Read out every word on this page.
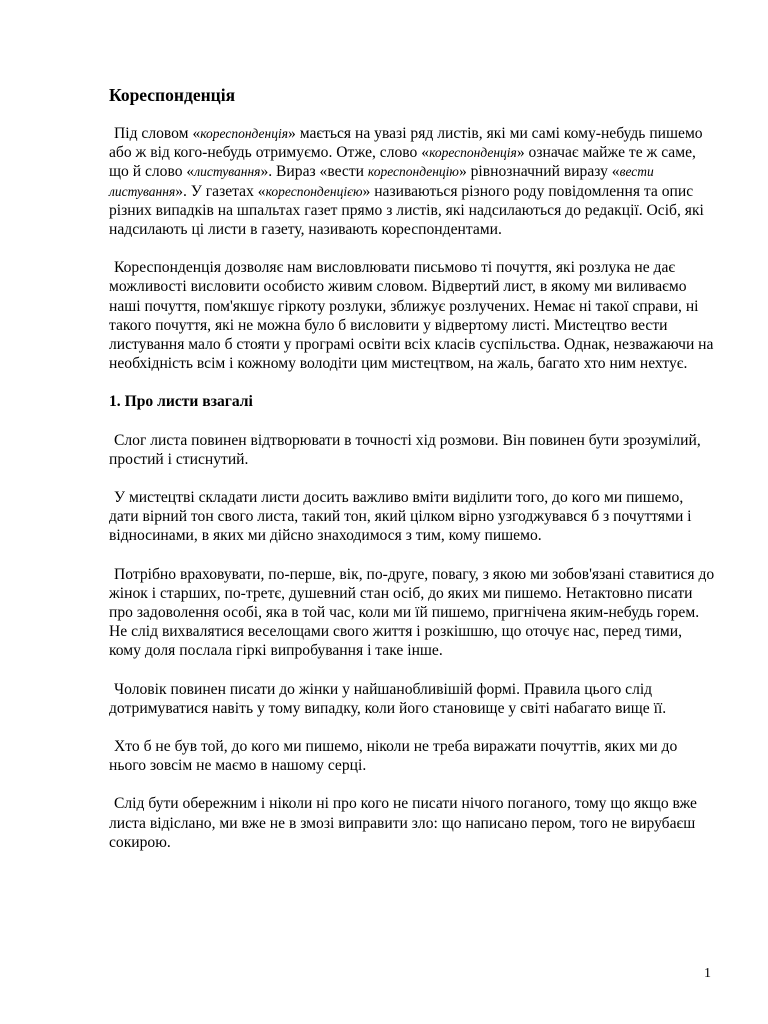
Кореспонденція

Під словом «кореспонденція» мається на увазі ряд листів, які ми самі кому-небудь пишемо або ж від кого-небудь отримуємо. Отже, слово «кореспонденція» означає майже те ж саме, що й слово «листування». Вираз «вести кореспонденцію» рівнозначний виразу «вести листування». У газетах «кореспонденцією» називаються різного роду повідомлення та опис різних випадків на шпальтах газет прямо з листів, які надсилаються до редакції. Осіб, які надсилають ці листи в газету, називають кореспондентами.

Кореспонденція дозволяє нам висловлювати письмово ті почуття, які розлука не дає можливості висловити особисто живим словом. Відвертий лист, в якому ми виливаємо наші почуття, пом'якшує гіркоту розлуки, зближує розлучених. Немає ні такої справи, ні такого почуття, які не можна було б висловити у відвертому листі. Мистецтво вести листування мало б стояти у програмі освіти всіх класів суспільства. Однак, незважаючи на необхідність всім і кожному володіти цим мистецтвом, на жаль, багато хто ним нехтує.

1. Про листи взагалі

Слог листа повинен відтворювати в точності хід розмови. Він повинен бути зрозумілий, простий і стиснутий.

У мистецтві складати листи досить важливо вміти виділити того, до кого ми пишемо, дати вірний тон свого листа, такий тон, який цілком вірно узгоджувався б з почуттями і відносинами, в яких ми дійсно знаходимося з тим, кому пишемо.

Потрібно враховувати, по-перше, вік, по-друге, повагу, з якою ми зобов'язані ставитися до жінок і старших, по-третє, душевний стан осіб, до яких ми пишемо. Нетактовно писати про задоволення особі, яка в той час, коли ми їй пишемо, пригнічена яким-небудь горем. Не слід вихвалятися веселощами свого життя і розкішшю, що оточує нас, перед тими, кому доля послала гіркі випробування і таке інше.

Чоловік повинен писати до жінки у найшанобливішій формі. Правила цього слід дотримуватися навіть у тому випадку, коли його становище у світі набагато вище її.

Хто б не був той, до кого ми пишемо, ніколи не треба виражати почуттів, яких ми до нього зовсім не маємо в нашому серці.

Слід бути обережним і ніколи ні про кого не писати нічого поганого, тому що якщо вже листа відіслано, ми вже не в змозі виправити зло: що написано пером, того не вирубаєш сокирою.

1
